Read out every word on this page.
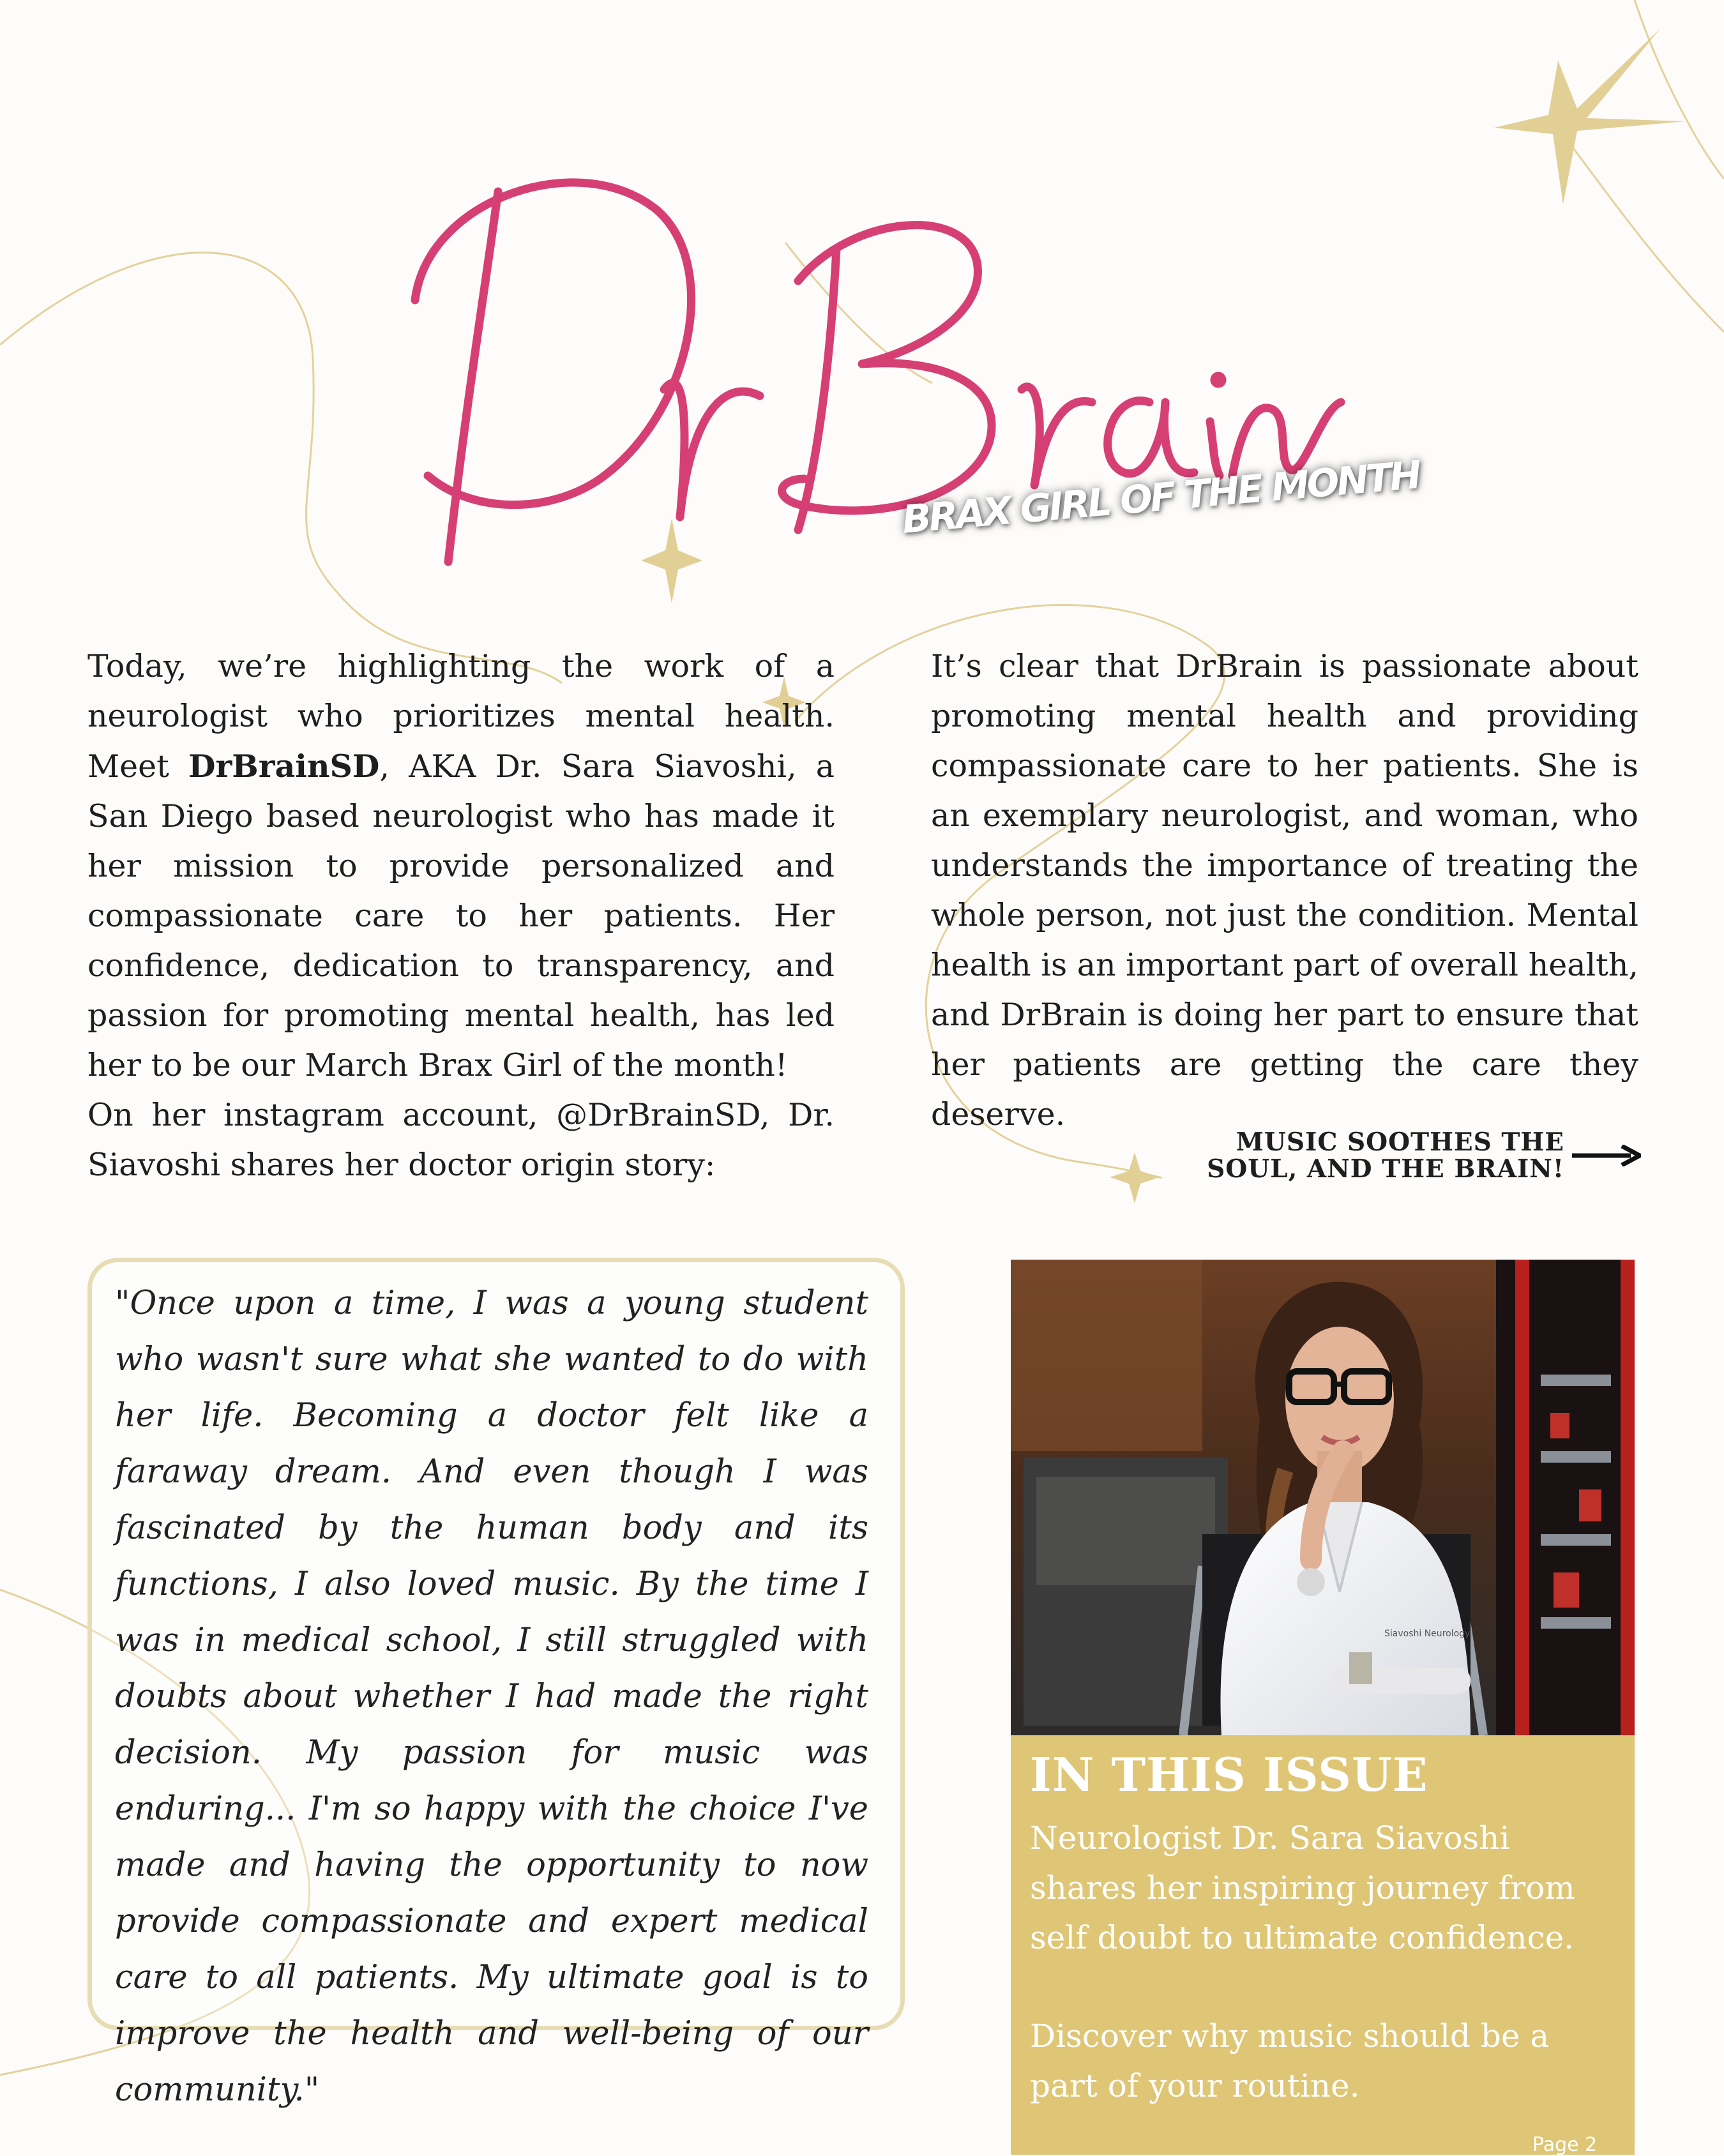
BRAX GIRL OF THE MONTH

Today, we’re highlighting the work of a neurologist who prioritizes mental health. Meet DrBrainSD, AKA Dr. Sara Siavoshi, a San Diego based neurologist who has made it her mission to provide personalized and compassionate care to her patients. Her confidence, dedication to transparency, and passion for promoting mental health, has led her to be our March Brax Girl of the month!

On her instagram account, @DrBrainSD, Dr. Siavoshi shares her doctor origin story:

It’s clear that DrBrain is passionate about promoting mental health and providing compassionate care to her patients. She is an exemplary neurologist, and woman, who understands the importance of treating the whole person, not just the condition. Mental health is an important part of overall health, and DrBrain is doing her part to ensure that her patients are getting the care they deserve.

MUSIC SOOTHES THE
SOUL, AND THE BRAIN!

"Once upon a time, I was a young student who wasn't sure what she wanted to do with her life. Becoming a doctor felt like a faraway dream. And even though I was fascinated by the human body and its functions, I also loved music. By the time I was in medical school, I still struggled with doubts about whether I had made the right decision. My passion for music was enduring... I'm so happy with the choice I've made and having the opportunity to now provide compassionate and expert medical care to all patients. My ultimate goal is to improve the health and well-being of our community."

Siavoshi Neurology
IN THIS ISSUE

Neurologist Dr. Sara Siavoshi shares her inspiring journey from self doubt to ultimate confidence.

Discover why music should be a part of your routine.

Page 2
